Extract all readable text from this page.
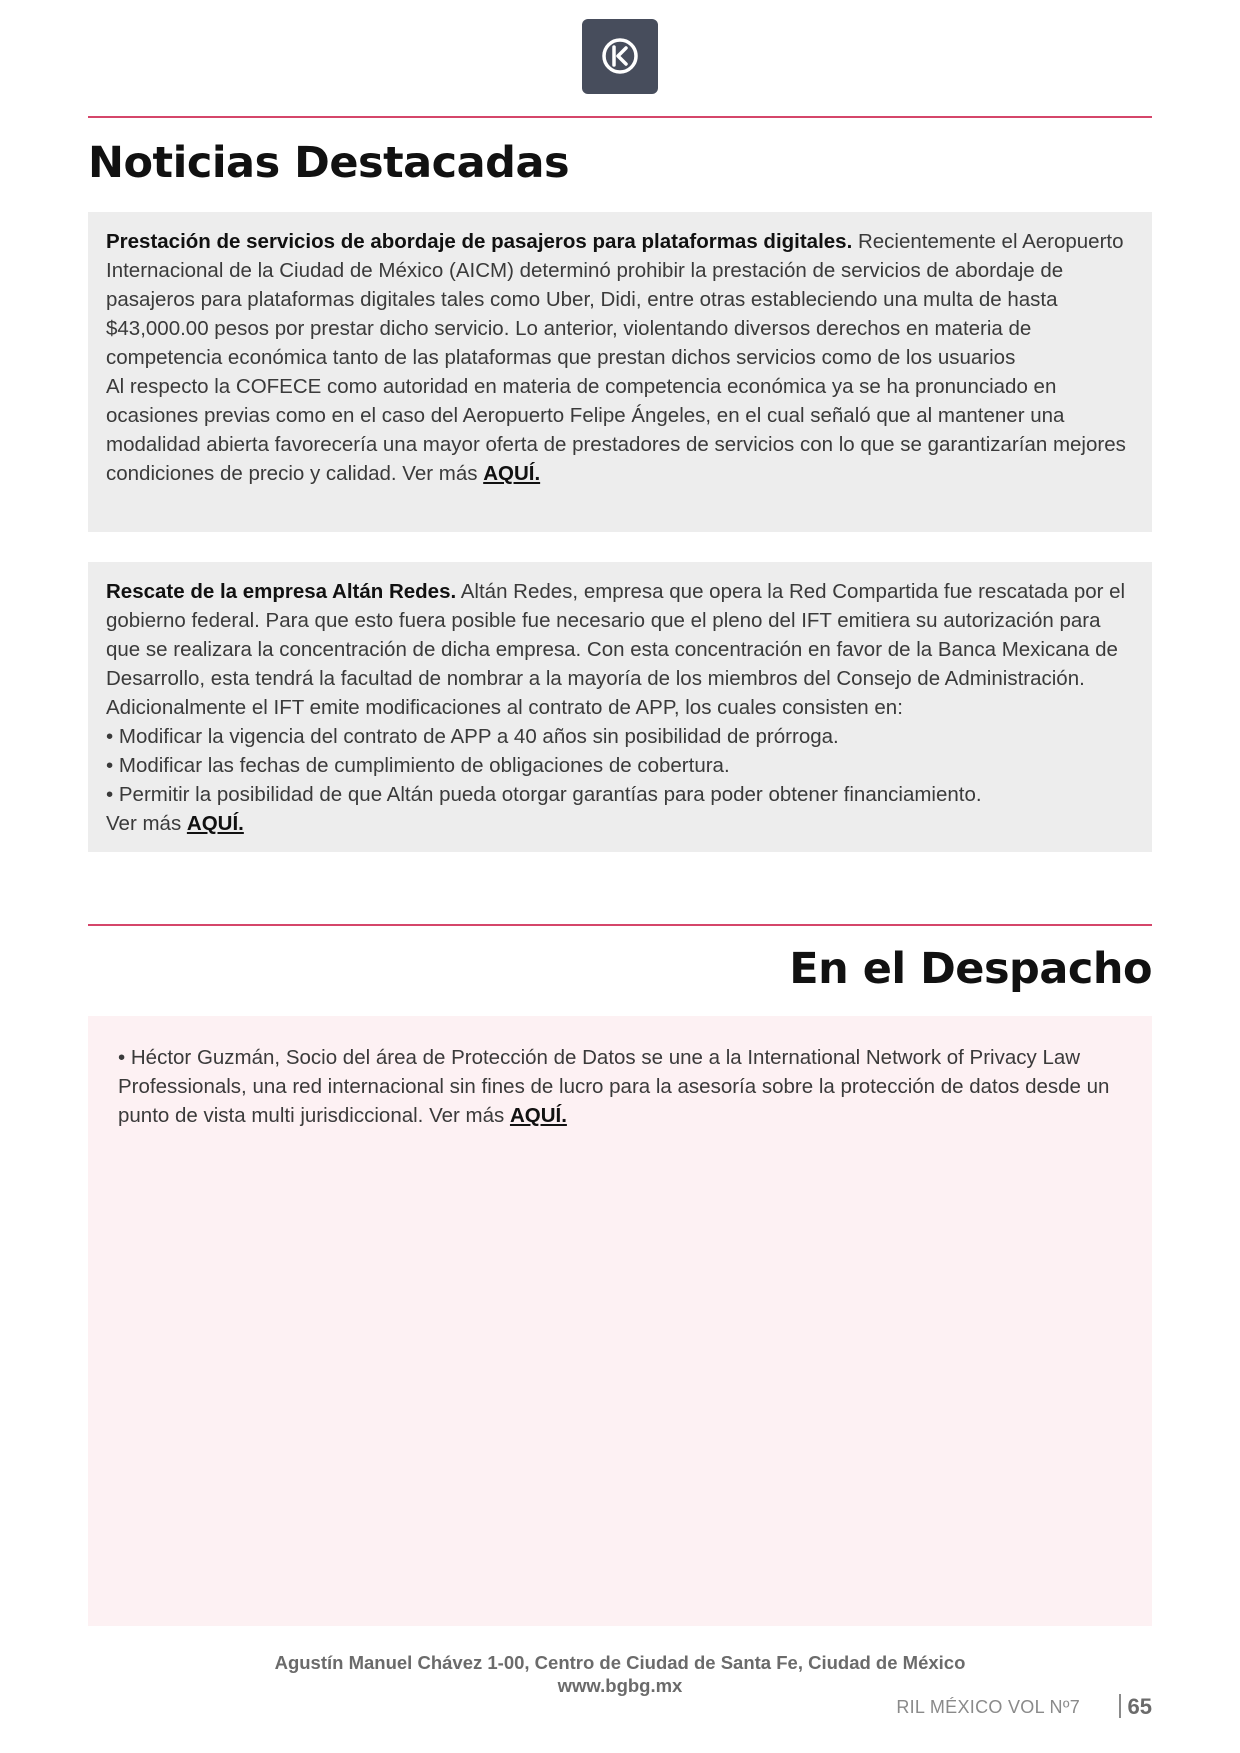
Noticias Destacadas

Prestación de servicios de abordaje de pasajeros para plataformas digitales. Recientemente el Aeropuerto Internacional de la Ciudad de México (AICM) determinó prohibir la prestación de servicios de abordaje de pasajeros para plataformas digitales tales como Uber, Didi, entre otras estableciendo una multa de hasta $43,000.00 pesos por prestar dicho servicio. Lo anterior, violentando diversos derechos en materia de competencia económica tanto de las plataformas que prestan dichos servicios como de los usuarios

Al respecto la COFECE como autoridad en materia de competencia económica ya se ha pronunciado en ocasiones previas como en el caso del Aeropuerto Felipe Ángeles, en el cual señaló que al mantener una modalidad abierta favorecería una mayor oferta de prestadores de servicios con lo que se garantizarían mejores condiciones de precio y calidad. Ver más AQUÍ.

Rescate de la empresa Altán Redes. Altán Redes, empresa que opera la Red Compartida fue rescatada por el gobierno federal. Para que esto fuera posible fue necesario que el pleno del IFT emitiera su autorización para que se realizara la concentración de dicha empresa. Con esta concentración en favor de la Banca Mexicana de Desarrollo, esta tendrá la facultad de nombrar a la mayoría de los miembros del Consejo de Administración. Adicionalmente el IFT emite modificaciones al contrato de APP, los cuales consisten en:

• Modificar la vigencia del contrato de APP a 40 años sin posibilidad de prórroga.

• Modificar las fechas de cumplimiento de obligaciones de cobertura.

• Permitir la posibilidad de que Altán pueda otorgar garantías para poder obtener financiamiento.

Ver más AQUÍ.

En el Despacho

• Héctor Guzmán, Socio del área de Protección de Datos se une a la International Network of Privacy Law Professionals, una red internacional sin fines de lucro para la asesoría sobre la protección de datos desde un punto de vista multi jurisdiccional. Ver más AQUÍ.

Agustín Manuel Chávez 1-00, Centro de Ciudad de Santa Fe, Ciudad de México
www.bgbg.mx
RIL MÉXICO VOL Nº7 65
